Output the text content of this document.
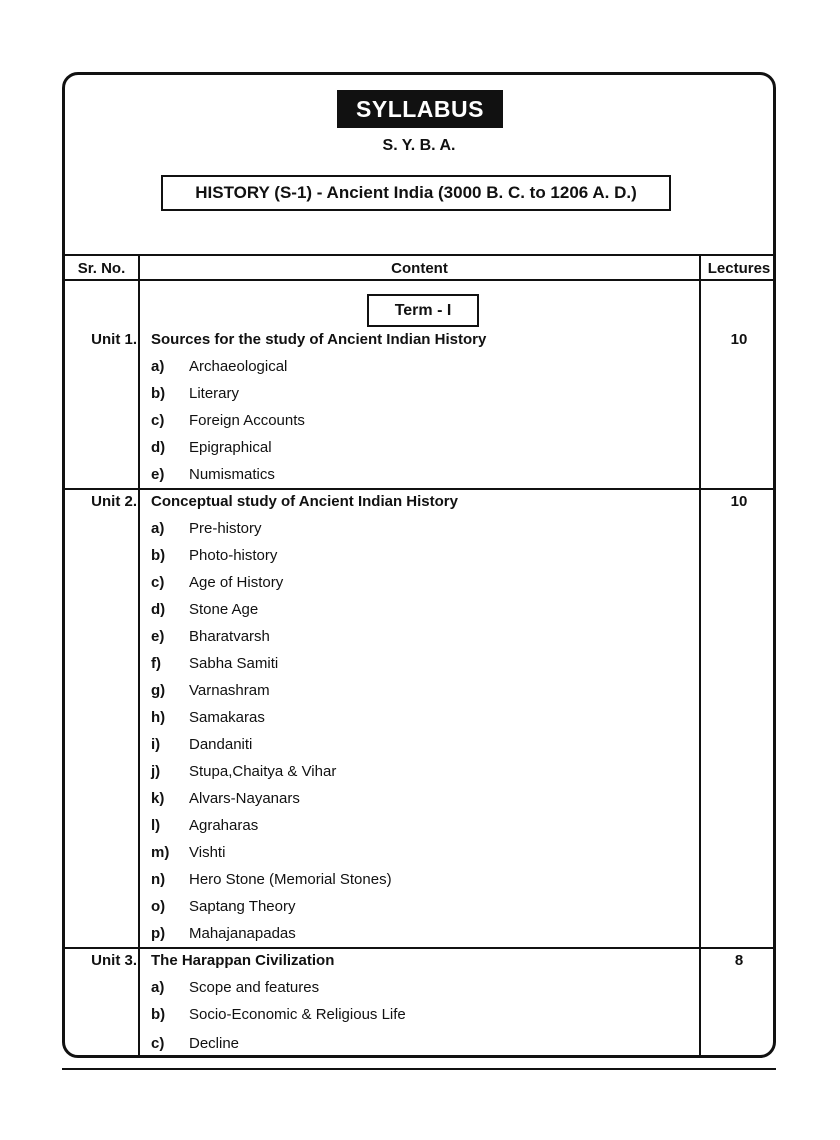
SYLLABUS
S. Y. B. A.
HISTORY (S-1) - Ancient India (3000 B. C. to 1206 A. D.)
Sr. No.	Content	Lectures
Term - I
Unit 1. Sources for the study of Ancient Indian History	10
a) Archaeological
b) Literary
c) Foreign Accounts
d) Epigraphical
e) Numismatics
Unit 2. Conceptual study of Ancient Indian History	10
a) Pre-history
b) Photo-history
c) Age of History
d) Stone Age
e) Bharatvarsh
f) Sabha Samiti
g) Varnashram
h) Samakaras
i) Dandaniti
j) Stupa,Chaitya & Vihar
k) Alvars-Nayanars
l) Agraharas
m) Vishti
n) Hero Stone (Memorial Stones)
o) Saptang Theory
p) Mahajanapadas
Unit 3. The Harappan Civilization	8
a) Scope and features
b) Socio-Economic & Religious Life
c) Decline
